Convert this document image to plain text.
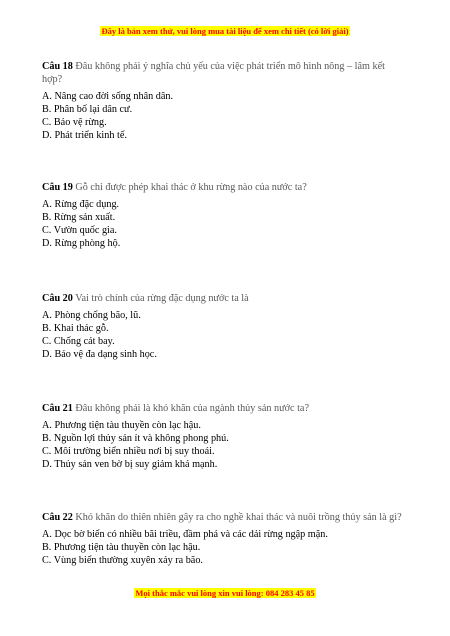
Đây là bản xem thử, vui lòng mua tài liệu để xem chi tiết (có lời giải)

Câu 18 Đâu không phải ý nghĩa chủ yếu của việc phát triển mô hình nông – lâm kết hợp?

A. Nâng cao đời sống nhân dân.

B. Phân bố lại dân cư.

C. Bảo vệ rừng.

D. Phát triển kinh tế.

Câu 19 Gỗ chỉ được phép khai thác ở khu rừng nào của nước ta?

A. Rừng đặc dụng.

B. Rừng sản xuất.

C. Vườn quốc gia.

D. Rừng phòng hộ.

Câu 20 Vai trò chính của rừng đặc dụng nước ta là

A. Phòng chống bão, lũ.

B. Khai thác gỗ.

C. Chống cát bay.

D. Bảo vệ đa dạng sinh học.

Câu 21 Đâu không phải là khó khăn của ngành thủy sản nước ta?

A. Phương tiện tàu thuyền còn lạc hậu.

B. Nguồn lợi thủy sản ít và không phong phú.

C. Môi trường biển nhiều nơi bị suy thoái.

D. Thủy sản ven bờ bị suy giảm khá mạnh.

Câu 22 Khó khăn do thiên nhiên gây ra cho nghề khai thác và nuôi trồng thủy sản là gì?

A. Dọc bờ biển có nhiều bãi triều, đầm phá và các dải rừng ngập mặn.

B. Phương tiện tàu thuyền còn lạc hậu.

C. Vùng biển thường xuyên xảy ra bão.

Mọi thắc mắc vui lòng xin vui lòng: 084 283 45 85
